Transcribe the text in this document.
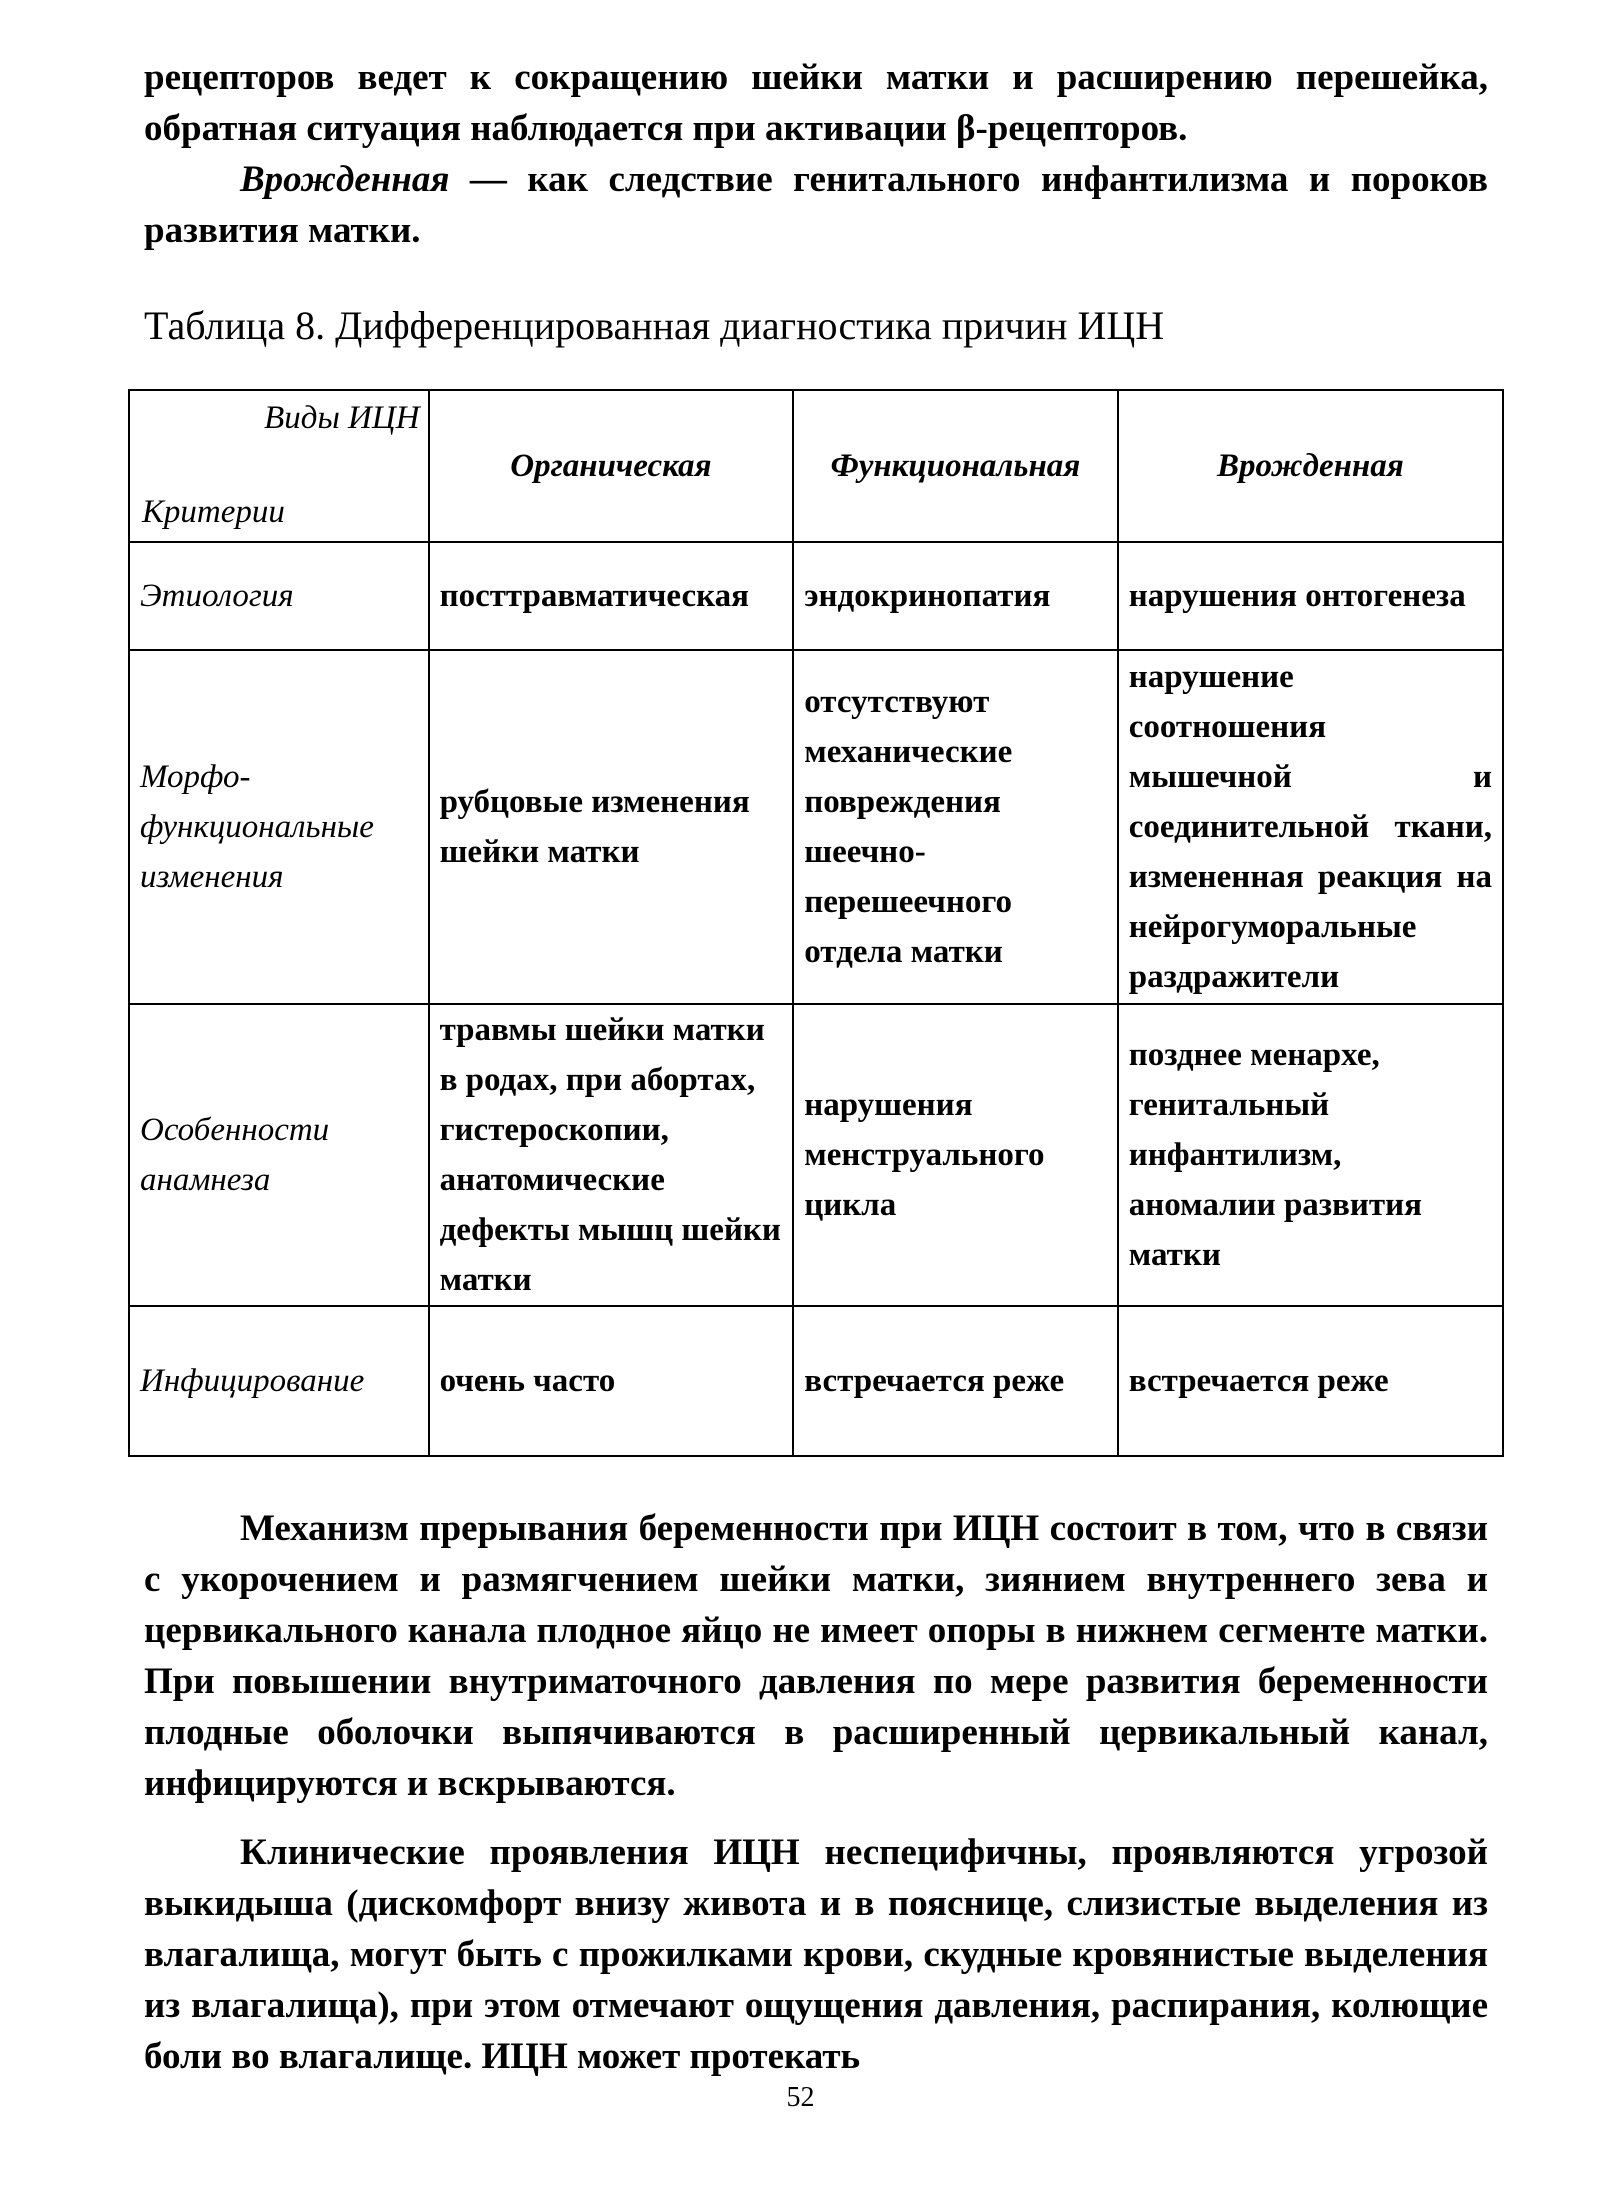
рецепторов ведет к сокращению шейки матки и расширению перешейка, обратная ситуация наблюдается при активации β-рецепторов.

Врожденная — как следствие генитального инфантилизма и пороков развития матки.

Таблица 8. Дифференцированная диагностика причин ИЦН

Виды ИЦН
Критерии	Органическая	Функциональная	Врожденная
Этиология	посттравматическая	эндокринопатия	нарушения онтогенеза
Морфо-функциональные изменения	рубцовые изменения шейки матки	отсутствуют механические повреждения шеечно-перешеечного отдела матки	нарушение соотношения мышечной и соединительной ткани, измененная реакция на нейрогуморальные раздражители
Особенности анамнеза	травмы шейки матки в родах, при абортах, гистероскопии, анатомические дефекты мышц шейки матки	нарушения менструального цикла	позднее менархе, генитальный инфантилизм, аномалии развития матки
Инфицирование	очень часто	встречается реже	встречается реже

Механизм прерывания беременности при ИЦН состоит в том, что в связи с укорочением и размягчением шейки матки, зиянием внутреннего зева и цервикального канала плодное яйцо не имеет опоры в нижнем сегменте матки. При повышении внутриматочного давления по мере развития беременности плодные оболочки выпячиваются в расширенный цервикальный канал, инфицируются и вскрываются.

Клинические проявления ИЦН неспецифичны, проявляются угрозой выкидыша (дискомфорт внизу живота и в пояснице, слизистые выделения из влагалища, могут быть с прожилками крови, скудные кровянистые выделения из влагалища), при этом отмечают ощущения давления, распирания, колющие боли во влагалище. ИЦН может протекать

52
